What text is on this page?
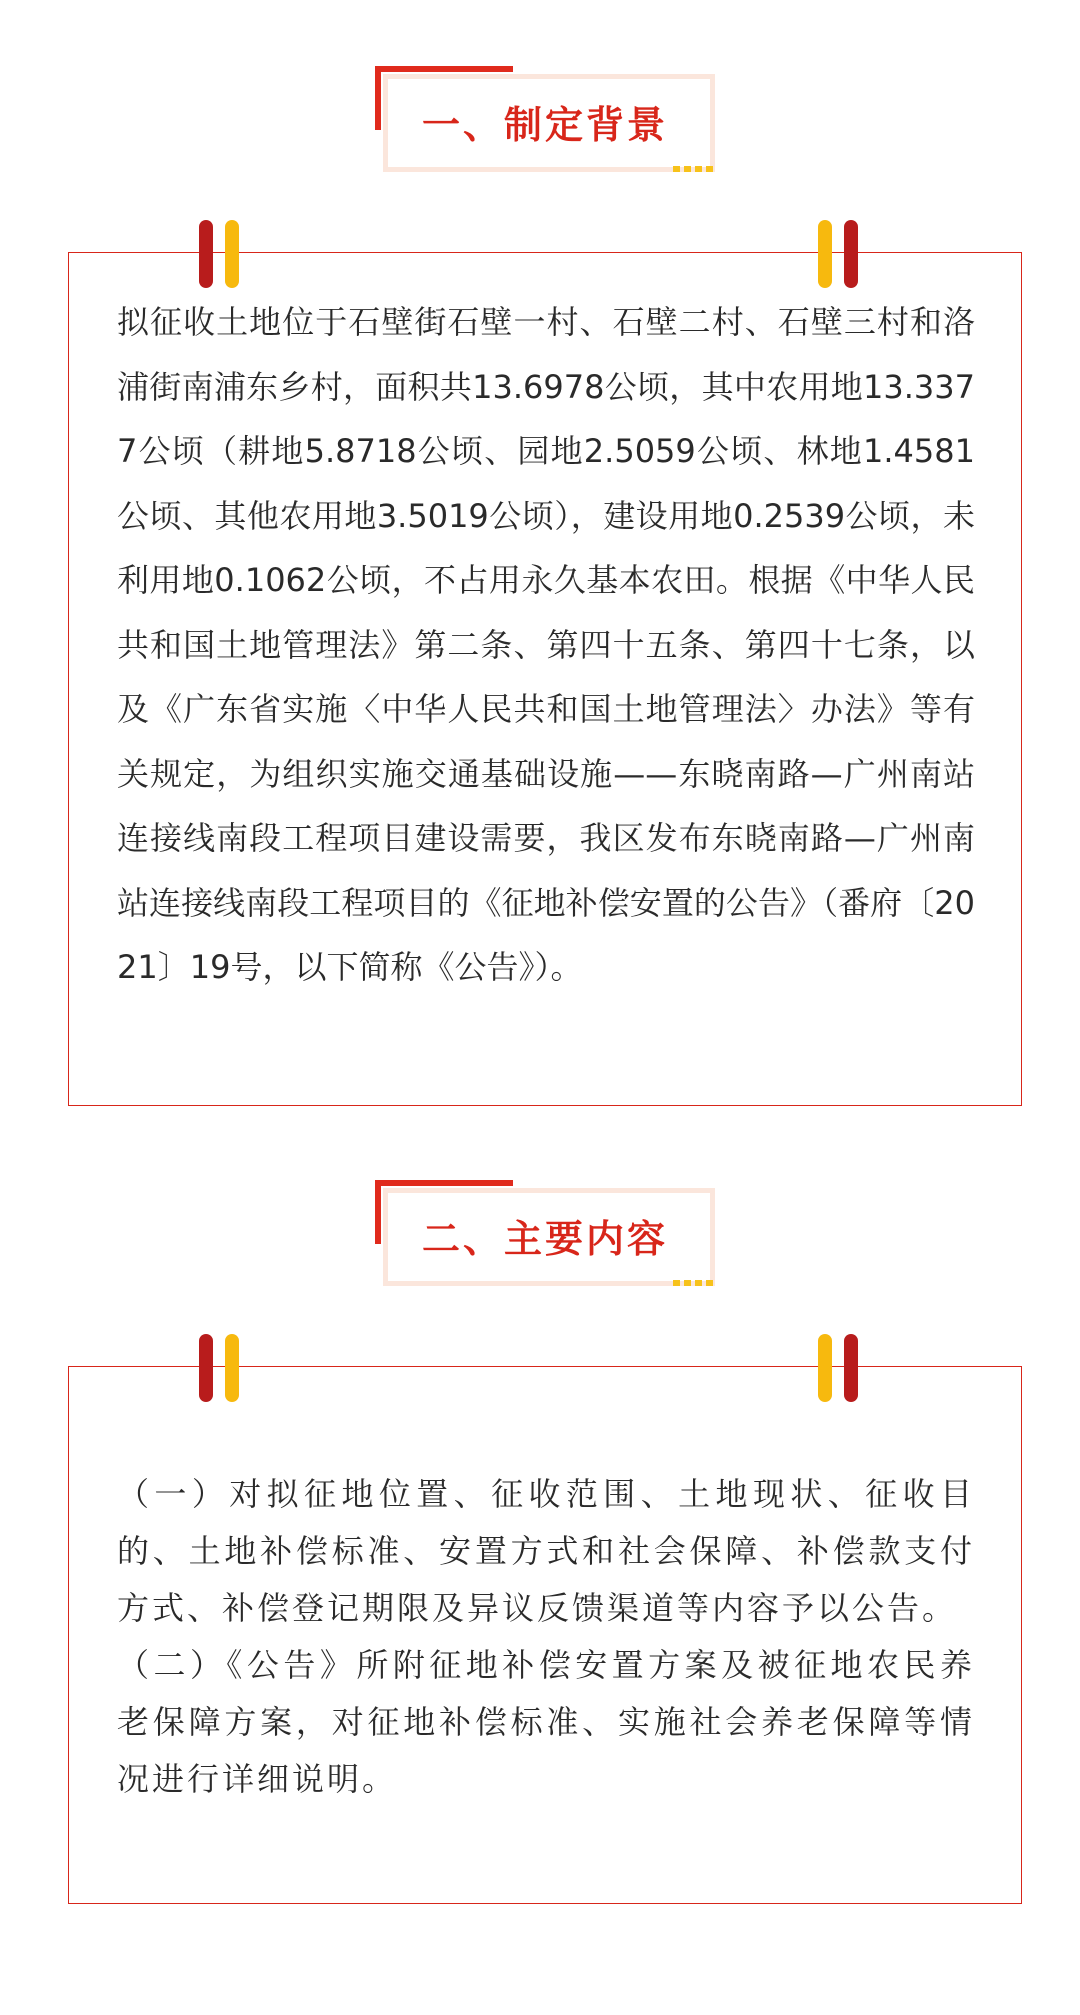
一、制定背景

拟征收土地位于石壁街石壁一村、石壁二村、石壁三村和洛浦街南浦东乡村，面积共13.6978公顷，其中农用地13.3377公顷（耕地5.8718公顷、园地2.5059公顷、林地1.4581公顷、其他农用地3.5019公顷），建设用地0.2539公顷，未利用地0.1062公顷，不占用永久基本农田。根据《中华人民共和国土地管理法》第二条、第四十五条、第四十七条，以及《广东省实施〈中华人民共和国土地管理法〉办法》等有关规定，为组织实施交通基础设施——东晓南路—广州南站连接线南段工程项目建设需要，我区发布东晓南路—广州南站连接线南段工程项目的《征地补偿安置的公告》（番府〔2021〕19号，以下简称《公告》）。

二、主要内容

（一）对拟征地位置、征收范围、土地现状、征收目的、土地补偿标准、安置方式和社会保障、补偿款支付方式、补偿登记期限及异议反馈渠道等内容予以公告。

（二）《公告》所附征地补偿安置方案及被征地农民养老保障方案，对征地补偿标准、实施社会养老保障等情况进行详细说明。
